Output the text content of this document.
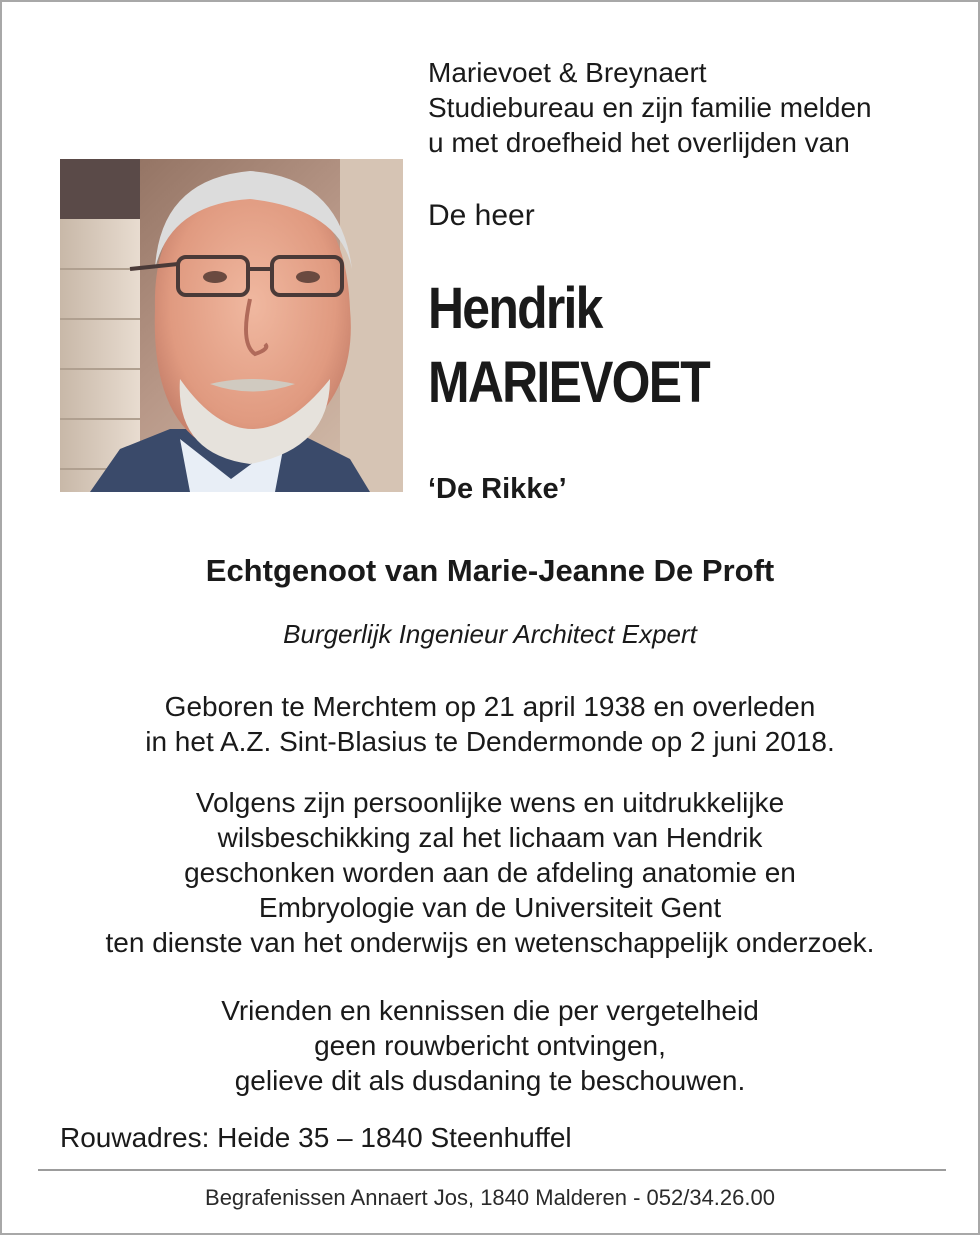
Marievoet & Breynaert
Studiebureau en zijn familie melden
u met droefheid het overlijden van
De heer
Hendrik
MARIEVOET
‘De Rikke’
Echtgenoot van Marie-Jeanne De Proft
Burgerlijk Ingenieur Architect Expert
Geboren te Merchtem op 21 april 1938 en overleden
in het A.Z. Sint-Blasius te Dendermonde op 2 juni 2018.
Volgens zijn persoonlijke wens en uitdrukkelijke
wilsbeschikking zal het lichaam van Hendrik
geschonken worden aan de afdeling anatomie en
Embryologie van de Universiteit Gent
ten dienste van het onderwijs en wetenschappelijk onderzoek.
Vrienden en kennissen die per vergetelheid
geen rouwbericht ontvingen,
gelieve dit als dusdaning te beschouwen.
Rouwadres: Heide 35 – 1840 Steenhuffel
Begrafenissen Annaert Jos, 1840 Malderen - 052/34.26.00
